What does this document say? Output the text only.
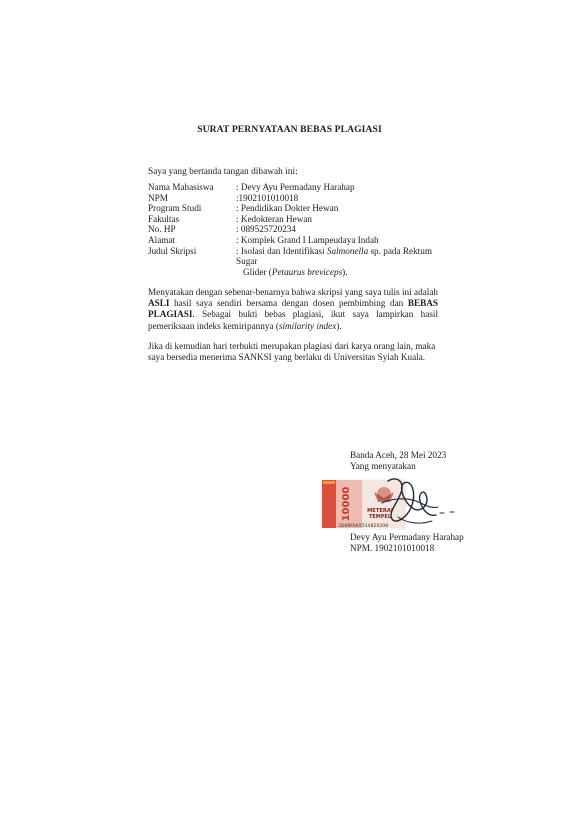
SURAT PERNYATAAN BEBAS PLAGIASI
Saya yang bertanda tangan dibawah ini:
Nama Mahasiswa	: Devy Ayu Permadany Harahap
NPM	:1902101010018
Program Studi	: Pendidikan Dokter Hewan
Fakultas	: Kedokteran Hewan
No. HP	: 089525720234
Alamat	: Komplek Grand I Lampeudaya Indah
Judul Skripsi	: Isolasi dan Identifikasi Salmonella sp. pada Rektum Sugar
Glider (Petaurus breviceps).
Menyatakan dengan sebenar-benarnya bahwa skripsi yang saya tulis ini adalah ASLI hasil saya sendiri bersama dengan dosen pembimbing dan BEBAS PLAGIASI. Sebagai bukti bebas plagiasi, ikut saya lampirkan hasil pemeriksaan indeks kemiripannya (similarity index).
Jika di kemudian hari terbukti merupakan plagiasi dari karya orang lain, maka saya bersedia menerima SANKSI yang berlaku di Universitas Syiah Kuala.
Banda Aceh, 28 Mei 2023
Yang menyatakan
10000	METERAI
TEMPEL
3D68FAKX514826298
Devy Ayu Permadany Harahap
NPM. 1902101010018
